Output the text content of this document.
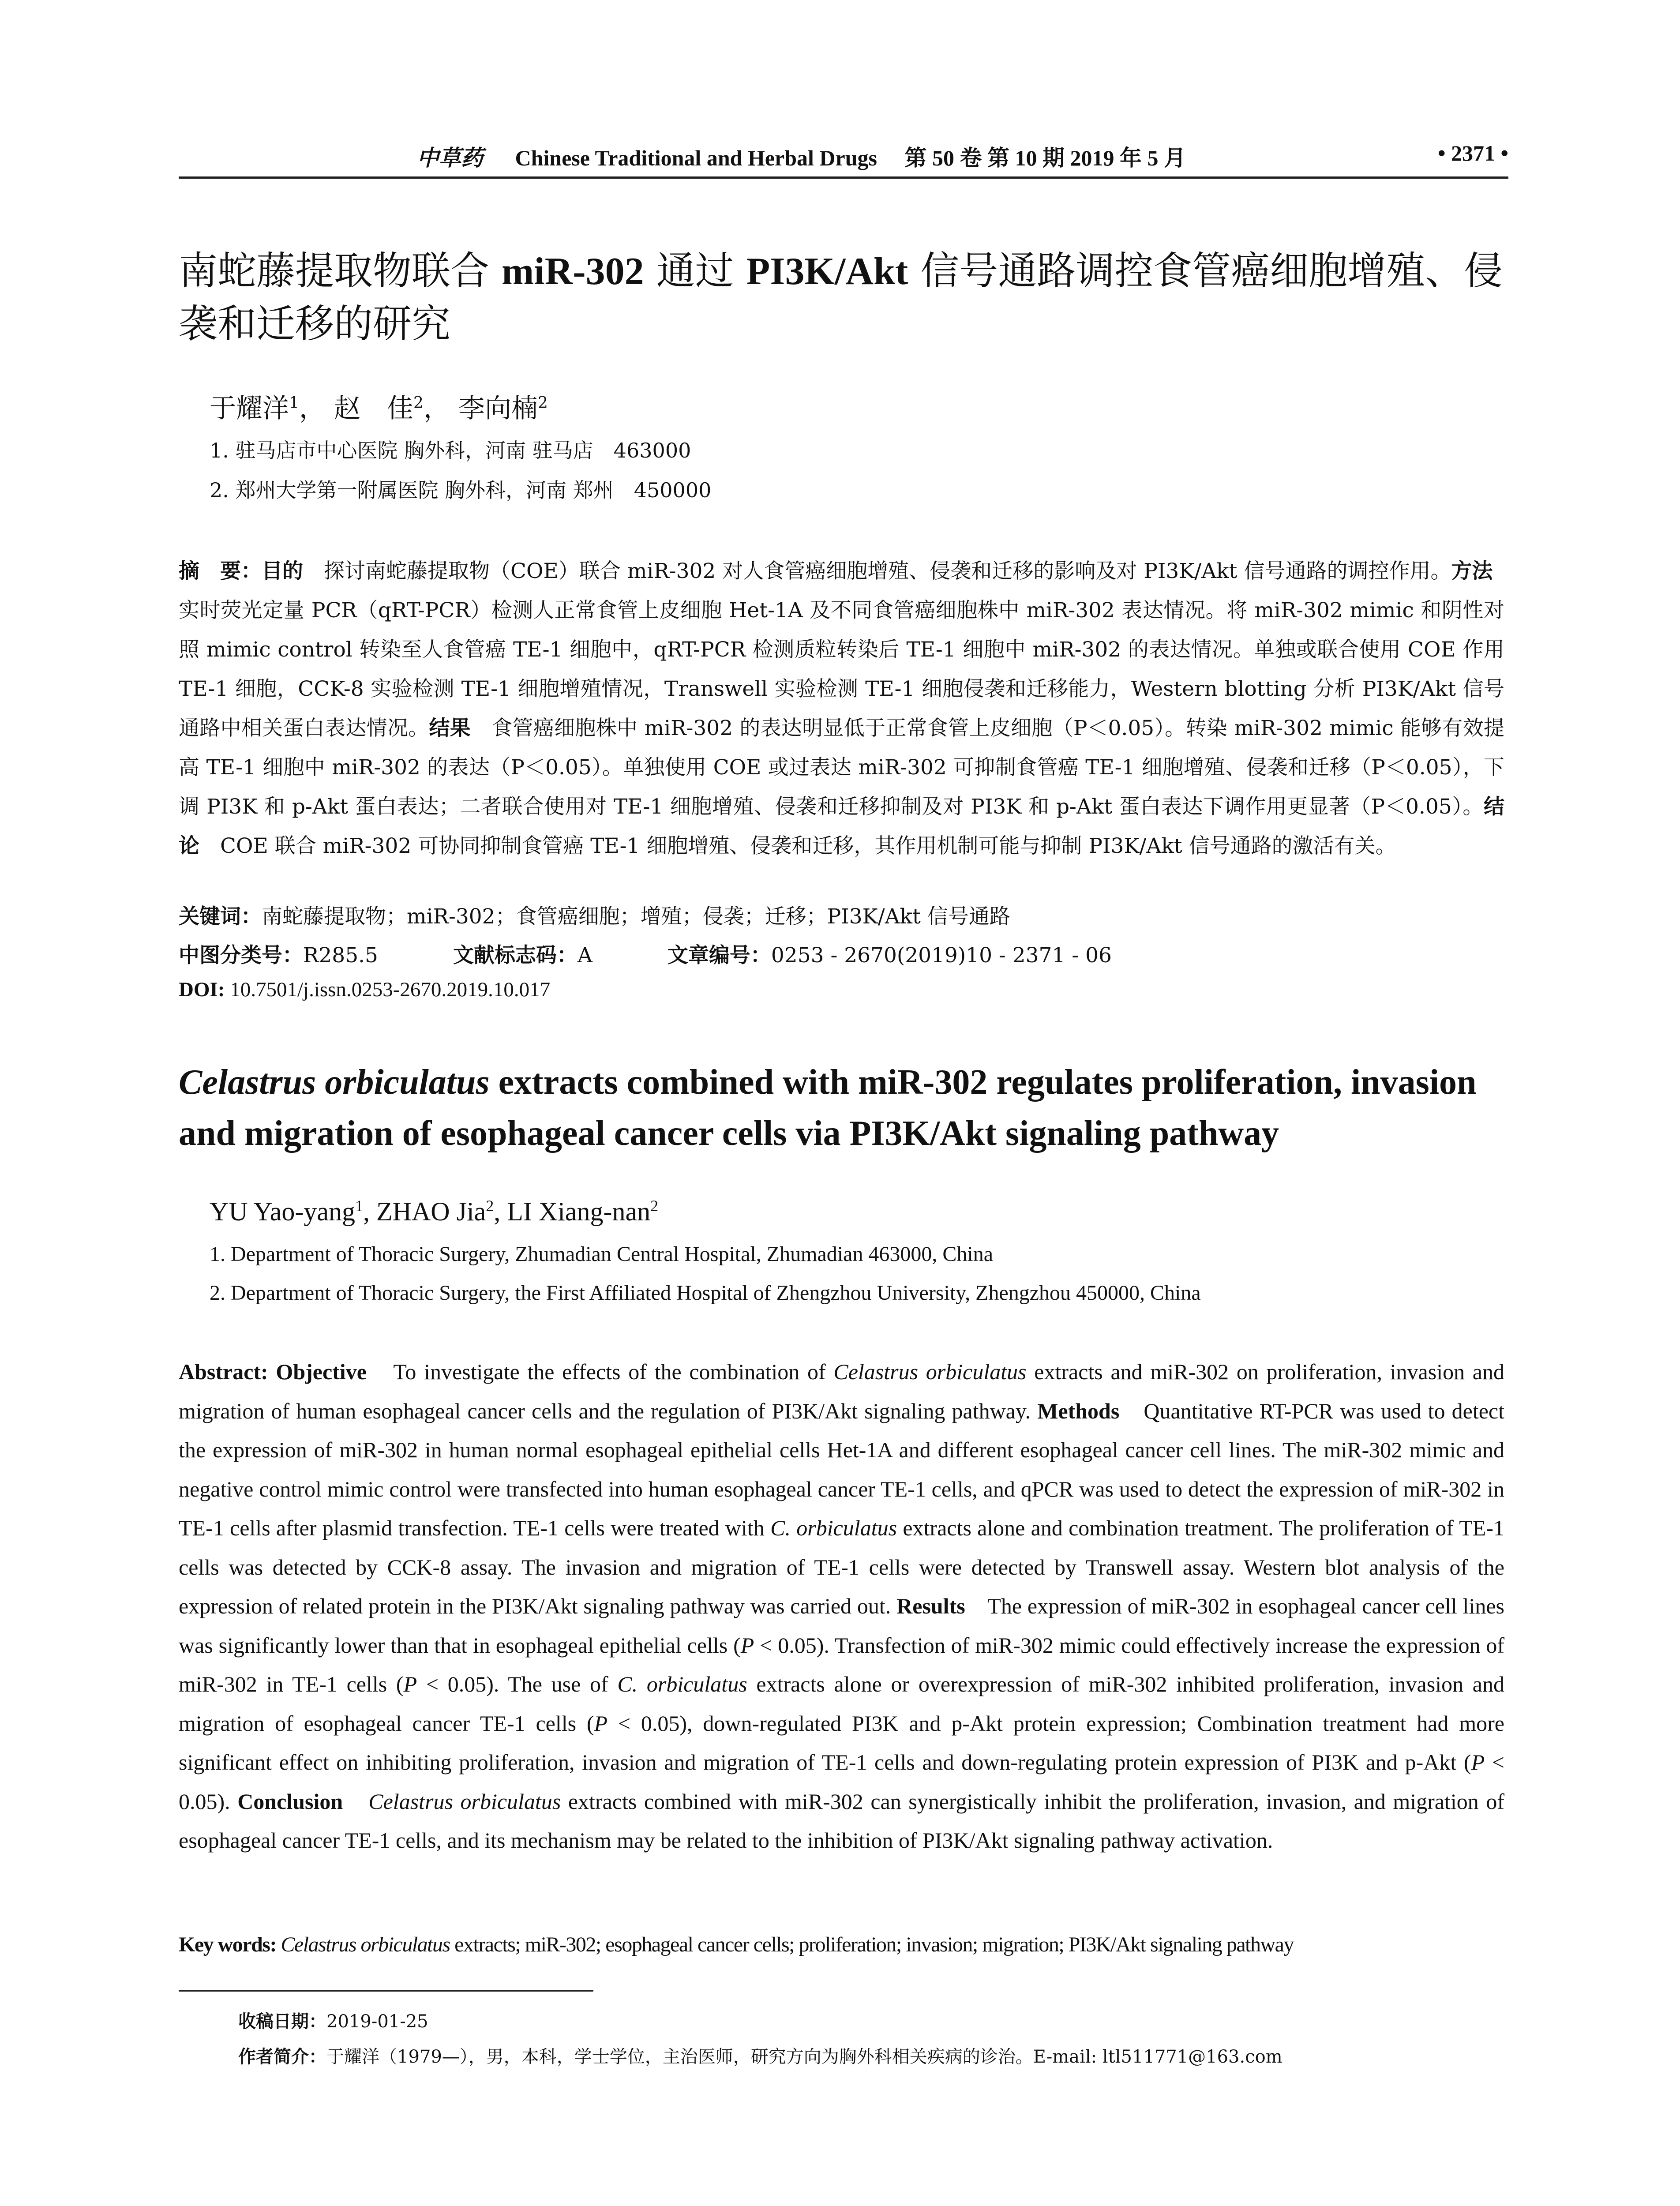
中草药 Chinese Traditional and Herbal Drugs 第 50 卷 第 10 期 2019 年 5 月	• 2371 •
南蛇藤提取物联合 miR-302 通过 PI3K/Akt 信号通路调控食管癌细胞增殖、侵袭和迁移的研究
于耀洋$^1$， 赵　佳$^2$， 李向楠$^2$
1. 驻马店市中心医院 胸外科，河南 驻马店　463000
2. 郑州大学第一附属医院 胸外科，河南 郑州　450000
摘　要：目的　探讨南蛇藤提取物（COE）联合 miR-302 对人食管癌细胞增殖、侵袭和迁移的影响及对 PI3K/Akt 信号通路的调控作用。方法　实时荧光定量 PCR（qRT-PCR）检测人正常食管上皮细胞 Het-1A 及不同食管癌细胞株中 miR-302 表达情况。将 miR-302 mimic 和阴性对照 mimic control 转染至人食管癌 TE-1 细胞中，qRT-PCR 检测质粒转染后 TE-1 细胞中 miR-302 的表达情况。单独或联合使用 COE 作用 TE-1 细胞，CCK-8 实验检测 TE-1 细胞增殖情况，Transwell 实验检测 TE-1 细胞侵袭和迁移能力，Western blotting 分析 PI3K/Akt 信号通路中相关蛋白表达情况。结果　食管癌细胞株中 miR-302 的表达明显低于正常食管上皮细胞（P＜0.05）。转染 miR-302 mimic 能够有效提高 TE-1 细胞中 miR-302 的表达（P＜0.05）。单独使用 COE 或过表达 miR-302 可抑制食管癌 TE-1 细胞增殖、侵袭和迁移（P＜0.05），下调 PI3K 和 p-Akt 蛋白表达；二者联合使用对 TE-1 细胞增殖、侵袭和迁移抑制及对 PI3K 和 p-Akt 蛋白表达下调作用更显著（P＜0.05）。结论　COE 联合 miR-302 可协同抑制食管癌 TE-1 细胞增殖、侵袭和迁移，其作用机制可能与抑制 PI3K/Akt 信号通路的激活有关。
关键词：南蛇藤提取物；miR-302；食管癌细胞；增殖；侵袭；迁移；PI3K/Akt 信号通路
中图分类号：R285.5	文献标志码：A	文章编号：0253 - 2670(2019)10 - 2371 - 06
DOI: 10.7501/j.issn.0253-2670.2019.10.017
Celastrus orbiculatus extracts combined with miR-302 regulates proliferation, invasion and migration of esophageal cancer cells via PI3K/Akt signaling pathway
YU Yao-yang$^1$, ZHAO Jia$^2$, LI Xiang-nan$^2$
1. Department of Thoracic Surgery, Zhumadian Central Hospital, Zhumadian 463000, China
2. Department of Thoracic Surgery, the First Affiliated Hospital of Zhengzhou University, Zhengzhou 450000, China
Abstract: Objective　To investigate the effects of the combination of Celastrus orbiculatus extracts and miR-302 on proliferation, invasion and migration of human esophageal cancer cells and the regulation of PI3K/Akt signaling pathway. Methods　Quantitative RT-PCR was used to detect the expression of miR-302 in human normal esophageal epithelial cells Het-1A and different esophageal cancer cell lines. The miR-302 mimic and negative control mimic control were transfected into human esophageal cancer TE-1 cells, and qPCR was used to detect the expression of miR-302 in TE-1 cells after plasmid transfection. TE-1 cells were treated with C. orbiculatus extracts alone and combination treatment. The proliferation of TE-1 cells was detected by CCK-8 assay. The invasion and migration of TE-1 cells were detected by Transwell assay. Western blot analysis of the expression of related protein in the PI3K/Akt signaling pathway was carried out. Results　The expression of miR-302 in esophageal cancer cell lines was significantly lower than that in esophageal epithelial cells (P < 0.05). Transfection of miR-302 mimic could effectively increase the expression of miR-302 in TE-1 cells (P < 0.05). The use of C. orbiculatus extracts alone or overexpression of miR-302 inhibited proliferation, invasion and migration of esophageal cancer TE-1 cells (P < 0.05), down-regulated PI3K and p-Akt protein expression; Combination treatment had more significant effect on inhibiting proliferation, invasion and migration of TE-1 cells and down-regulating protein expression of PI3K and p-Akt (P < 0.05). Conclusion　 Celastrus orbiculatus extracts combined with miR-302 can synergistically inhibit the proliferation, invasion, and migration of esophageal cancer TE-1 cells, and its mechanism may be related to the inhibition of PI3K/Akt signaling pathway activation.
Key words: Celastrus orbiculatus extracts; miR-302; esophageal cancer cells; proliferation; invasion; migration; PI3K/Akt signaling pathway
收稿日期：2019-01-25
作者简介：于耀洋（1979—），男，本科，学士学位，主治医师，研究方向为胸外科相关疾病的诊治。E-mail: ltl511771@163.com
